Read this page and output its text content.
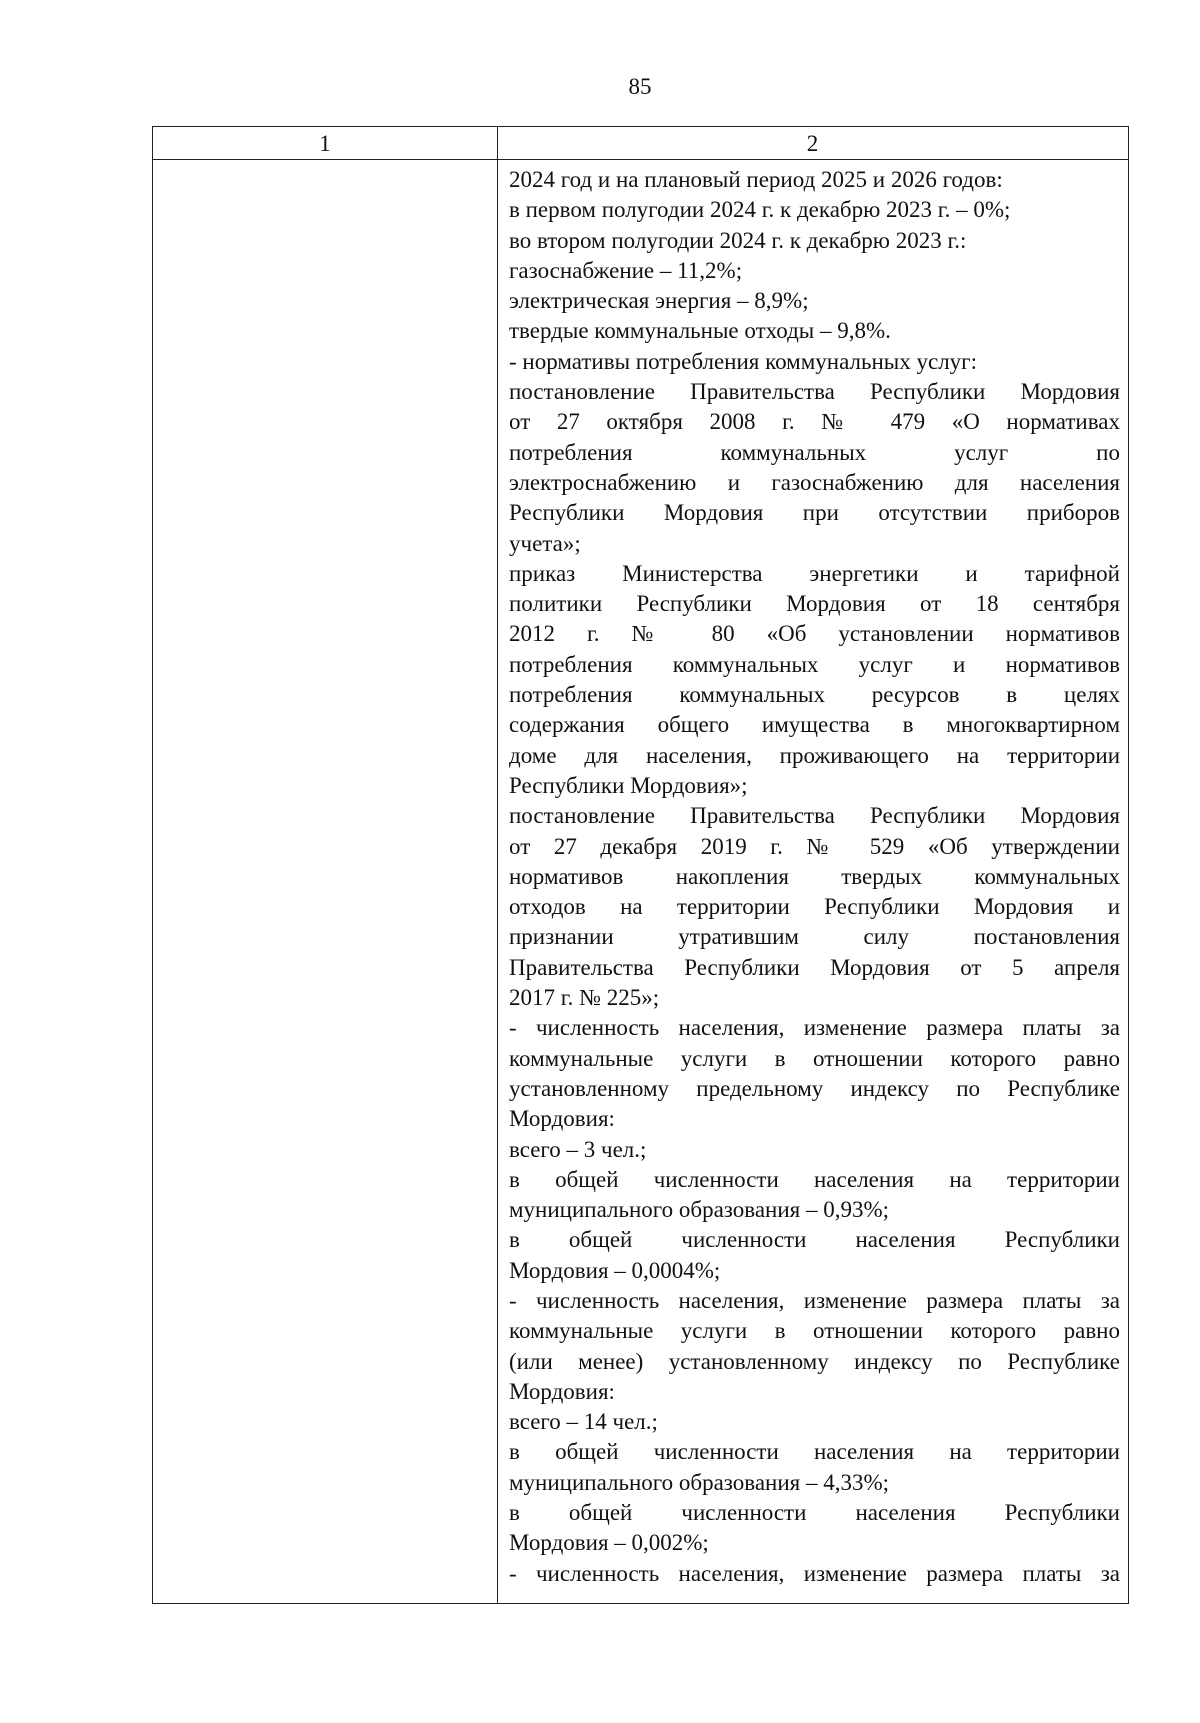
85
1	2
2024 год и на плановый период 2025 и 2026 годов:
в первом полугодии 2024 г. к декабрю 2023 г. – 0%;
во втором полугодии 2024 г. к декабрю 2023 г.:
газоснабжение – 11,2%;
электрическая энергия – 8,9%;
твердые коммунальные отходы – 9,8%.
- нормативы потребления коммунальных услуг:
постановление Правительства Республики Мордовия
от 27 октября 2008 г. № 479 «О нормативах
потребления коммунальных услуг по
электроснабжению и газоснабжению для населения
Республики Мордовия при отсутствии приборов
учета»;
приказ Министерства энергетики и тарифной
политики Республики Мордовия от 18 сентября
2012 г. № 80 «Об установлении нормативов
потребления коммунальных услуг и нормативов
потребления коммунальных ресурсов в целях
содержания общего имущества в многоквартирном
доме для населения, проживающего на территории
Республики Мордовия»;
постановление Правительства Республики Мордовия
от 27 декабря 2019 г. № 529 «Об утверждении
нормативов накопления твердых коммунальных
отходов на территории Республики Мордовия и
признании утратившим силу постановления
Правительства Республики Мордовия от 5 апреля
2017 г. № 225»;
- численность населения, изменение размера платы за
коммунальные услуги в отношении которого равно
установленному предельному индексу по Республике
Мордовия:
всего – 3 чел.;
в общей численности населения на территории
муниципального образования – 0,93%;
в общей численности населения Республики
Мордовия – 0,0004%;
- численность населения, изменение размера платы за
коммунальные услуги в отношении которого равно
(или менее) установленному индексу по Республике
Мордовия:
всего – 14 чел.;
в общей численности населения на территории
муниципального образования – 4,33%;
в общей численности населения Республики
Мордовия – 0,002%;
- численность населения, изменение размера платы за
